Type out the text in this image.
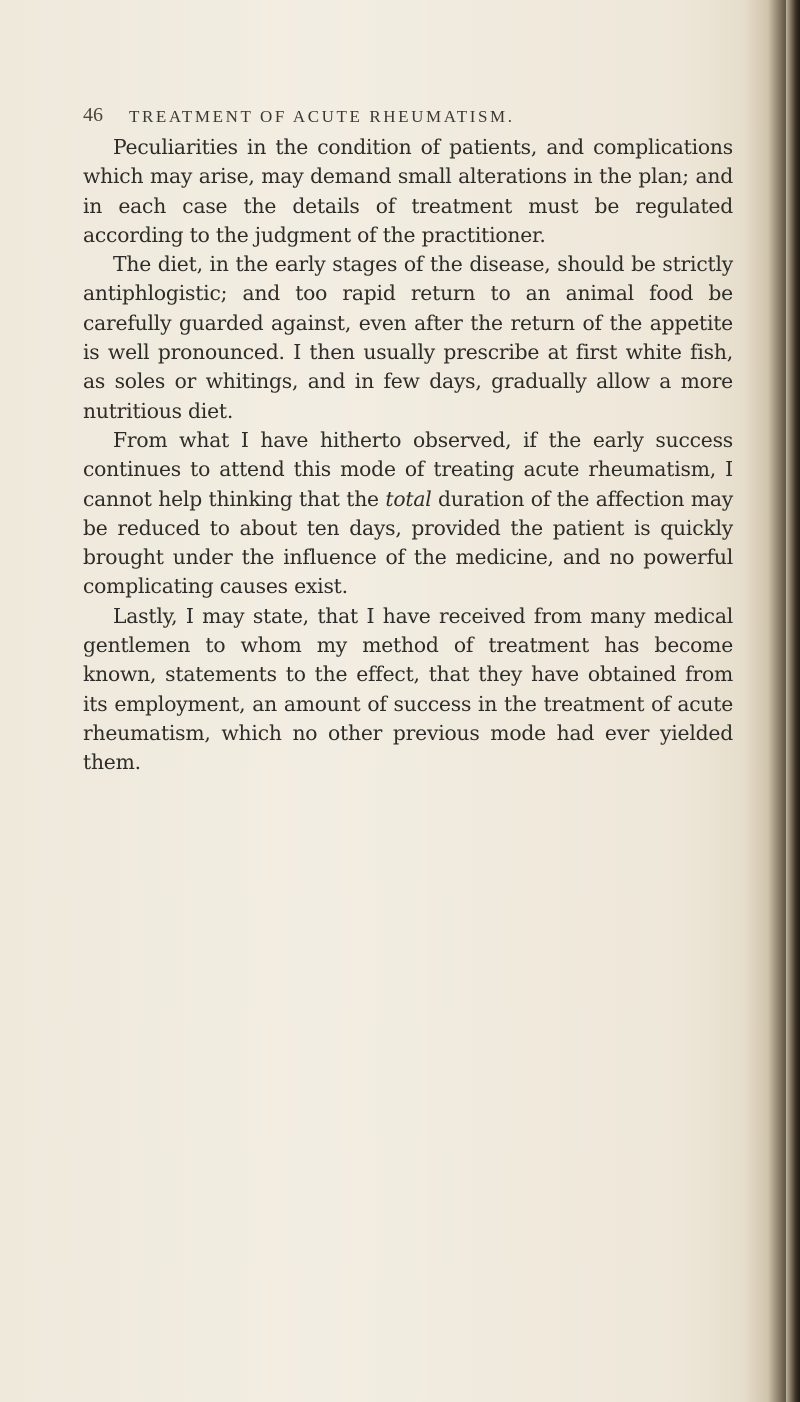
46 TREATMENT OF ACUTE RHEUMATISM.

Peculiarities in the condition of patients, and complications which may arise, may demand small alterations in the plan; and in each case the details of treatment must be regulated according to the judgment of the practitioner.

The diet, in the early stages of the disease, should be strictly antiphlogistic; and too rapid return to an animal food be carefully guarded against, even after the return of the appetite is well pronounced. I then usually prescribe at first white fish, as soles or whitings, and in few days, gradually allow a more nutritious diet.

From what I have hitherto observed, if the early success continues to attend this mode of treating acute rheumatism, I cannot help thinking that the total duration of the affection may be reduced to about ten days, provided the patient is quickly brought under the influence of the medicine, and no powerful complicating causes exist.

Lastly, I may state, that I have received from many medical gentlemen to whom my method of treatment has become known, statements to the effect, that they have obtained from its employment, an amount of success in the treatment of acute rheumatism, which no other previous mode had ever yielded them.
